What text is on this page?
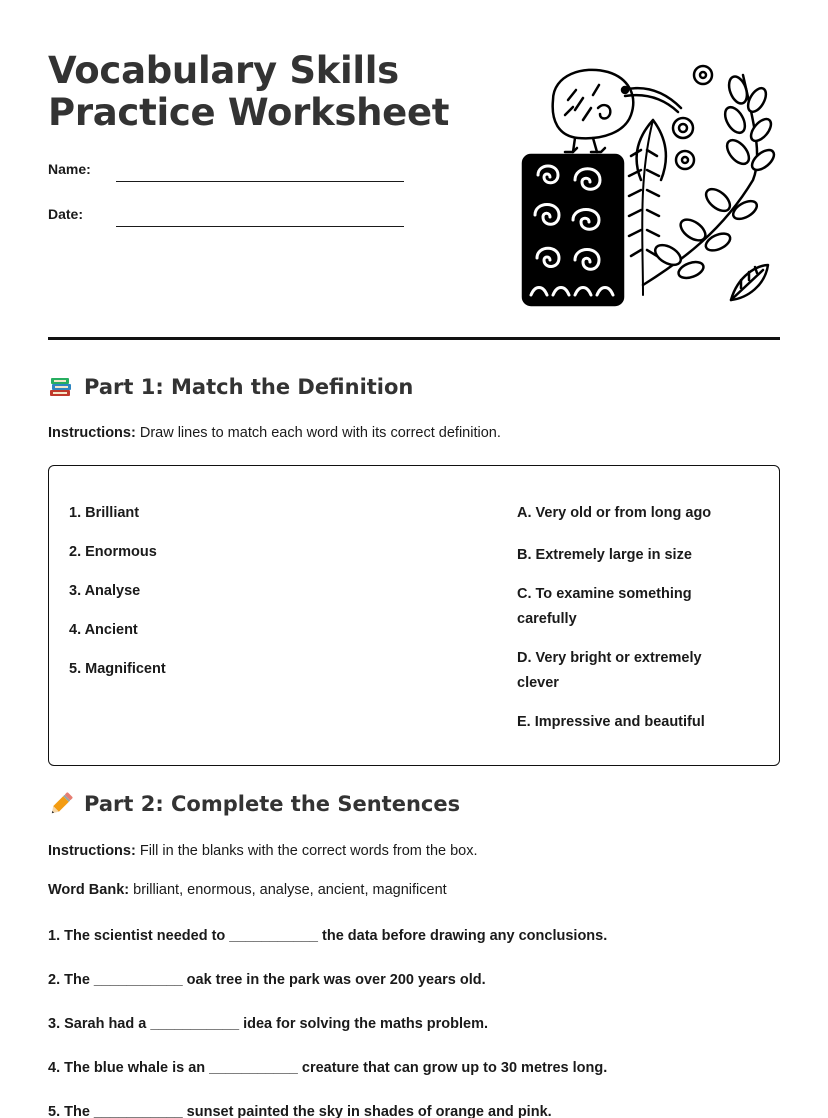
Vocabulary Skills
Practice Worksheet
Name:
Date:
Part 1: Match the Definition
Instructions: Draw lines to match each word with its correct definition.
1. Brilliant
2. Enormous
3. Analyse
4. Ancient
5. Magnificent
A. Very old or from long ago
B. Extremely large in size
C. To examine something carefully
D. Very bright or extremely clever
E. Impressive and beautiful
Part 2: Complete the Sentences
Instructions: Fill in the blanks with the correct words from the box.
Word Bank: brilliant, enormous, analyse, ancient, magnificent
1. The scientist needed to ___________ the data before drawing any conclusions.
2. The ___________ oak tree in the park was over 200 years old.
3. Sarah had a ___________ idea for solving the maths problem.
4. The blue whale is an ___________ creature that can grow up to 30 metres long.
5. The ___________ sunset painted the sky in shades of orange and pink.
